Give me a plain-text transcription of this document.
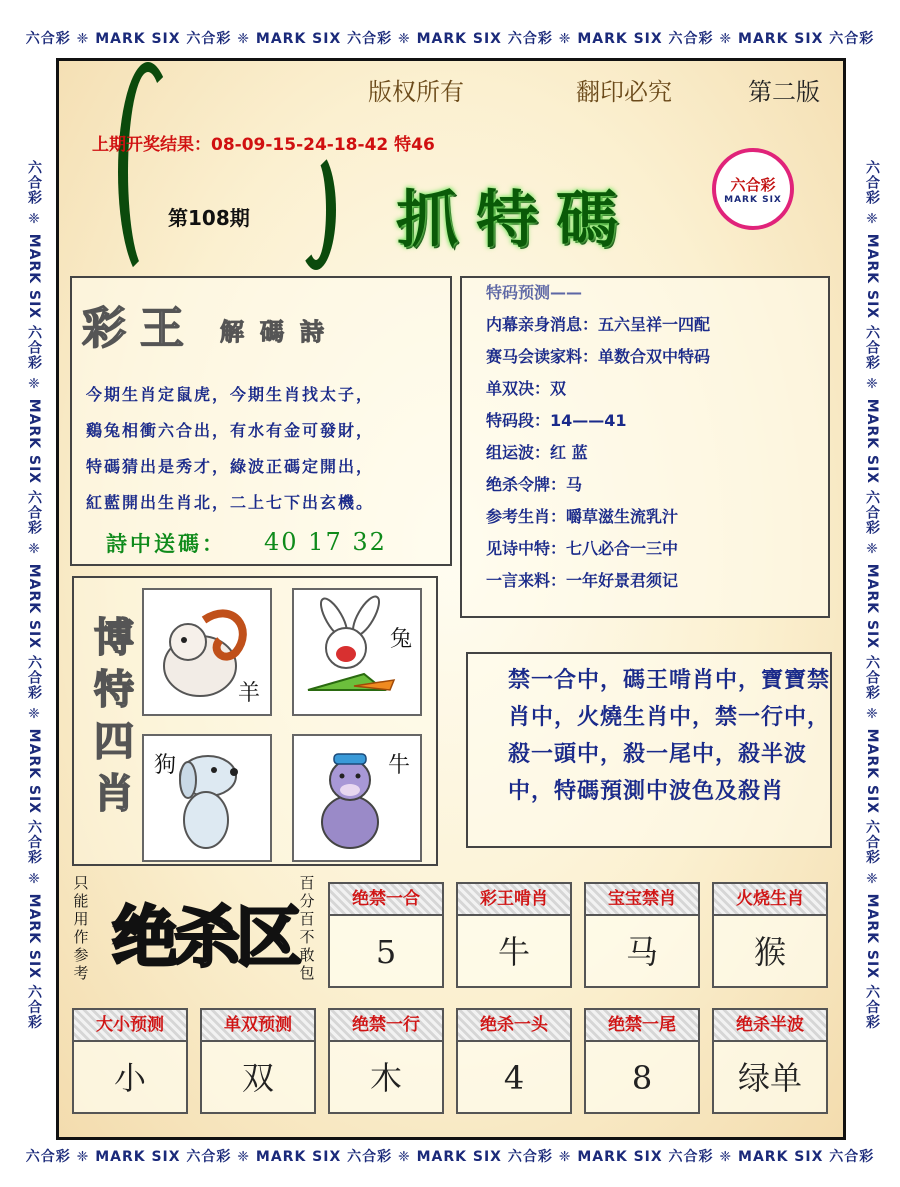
六合彩 ❈ MARK SIX 六合彩 ❈ MARK SIX 六合彩 ❈ MARK SIX 六合彩 ❈ MARK SIX 六合彩 ❈ MARK SIX 六合彩
六合彩 ❈ MARK SIX 六合彩 ❈ MARK SIX 六合彩 ❈ MARK SIX 六合彩 ❈ MARK SIX 六合彩 ❈ MARK SIX 六合彩
六合彩 ❈ MARK SIX 六合彩 ❈ MARK SIX 六合彩 ❈ MARK SIX 六合彩 ❈ MARK SIX 六合彩 ❈ MARK SIX 六合彩	六合彩 ❈ MARK SIX 六合彩 ❈ MARK SIX 六合彩 ❈ MARK SIX 六合彩 ❈ MARK SIX 六合彩 ❈ MARK SIX 六合彩
版权所有	翻印必究	第二版
上期开奖结果：08-09-15-24-18-42 特46
第108期 抓特碼	六合彩
MARK SIX
彩王 解碼詩
今期生肖定鼠虎，今期生肖找太子，
鷄兔相衝六合出，有水有金可發財，
特碼猜出是秀才，綠波正碼定開出，
紅藍開出生肖北，二上七下出玄機。
詩中送碼： 40 17 32
特码预测——
内幕亲身消息：五六呈祥一四配
赛马会读家料：单数合双中特码
单双决：双
特码段：14——41
组运波：红 蓝
绝杀令牌：马
参考生肖：嚼草滋生流乳汁
见诗中特：七八必合一三中
一言来料：一年好景君须记
博特四肖
羊
兔
狗	牛
禁一合中，碼王啃肖中，寶寶禁肖中，火燒生肖中，禁一行中，殺一頭中，殺一尾中，殺半波中，特碼預測中波色及殺肖
只能用作参考
百分百不敢包
绝杀区	绝禁一合
5
彩王啃肖
牛
宝宝禁肖
马
火烧生肖
猴
大小预测
小
单双预测
双
绝禁一行
木
绝杀一头
4
绝禁一尾
8
绝杀半波
绿单
